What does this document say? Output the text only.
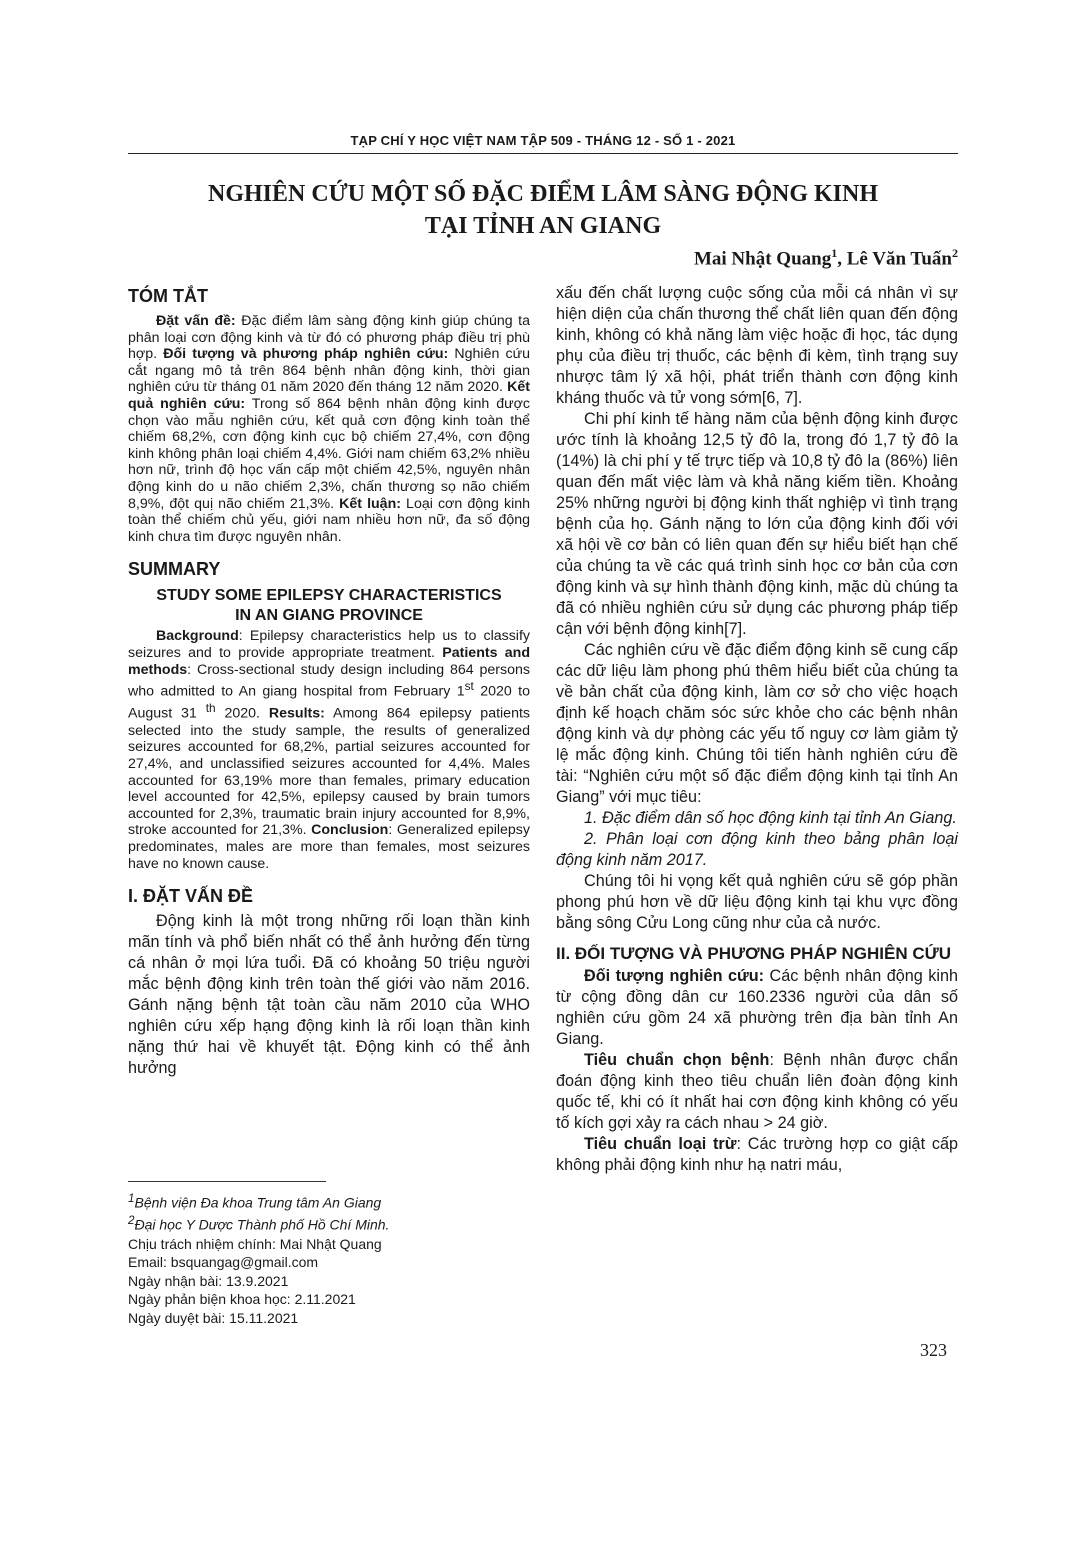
TẠP CHÍ Y HỌC VIỆT NAM TẬP 509 - THÁNG 12 - SỐ 1 - 2021
NGHIÊN CỨU MỘT SỐ ĐẶC ĐIỂM LÂM SÀNG ĐỘNG KINH
TẠI TỈNH AN GIANG
Mai Nhật Quang$^1$, Lê Văn Tuấn$^2$
TÓM TẮT

Đặt vấn đề: Đặc điểm lâm sàng động kinh giúp chúng ta phân loại cơn động kinh và từ đó có phương pháp điều trị phù hợp. Đối tượng và phương pháp nghiên cứu: Nghiên cứu cắt ngang mô tả trên 864 bệnh nhân động kinh, thời gian nghiên cứu từ tháng 01 năm 2020 đến tháng 12 năm 2020. Kết quả nghiên cứu: Trong số 864 bệnh nhân động kinh được chọn vào mẫu nghiên cứu, kết quả cơn động kinh toàn thể chiếm 68,2%, cơn động kinh cục bộ chiếm 27,4%, cơn động kinh không phân loại chiếm 4,4%. Giới nam chiếm 63,2% nhiều hơn nữ, trình độ học vấn cấp một chiếm 42,5%, nguyên nhân động kinh do u não chiếm 2,3%, chấn thương sọ não chiếm 8,9%, đột quị não chiếm 21,3%. Kết luận: Loại cơn động kinh toàn thể chiếm chủ yếu, giới nam nhiều hơn nữ, đa số động kinh chưa tìm được nguyên nhân.

SUMMARY
STUDY SOME EPILEPSY CHARACTERISTICS
IN AN GIANG PROVINCE

Background: Epilepsy characteristics help us to classify seizures and to provide appropriate treatment. Patients and methods: Cross-sectional study design including 864 persons who admitted to An giang hospital from February 1st 2020 to August 31 $^{th}$ 2020. Results: Among 864 epilepsy patients selected into the study sample, the results of generalized seizures accounted for 68,2%, partial seizures accounted for 27,4%, and unclassified seizures accounted for 4,4%. Males accounted for 63,19% more than females, primary education level accounted for 42,5%, epilepsy caused by brain tumors accounted for 2,3%, traumatic brain injury accounted for 8,9%, stroke accounted for 21,3%. Conclusion: Generalized epilepsy predominates, males are more than females, most seizures have no known cause.

I. ĐẶT VẤN ĐỀ

Động kinh là một trong những rối loạn thần kinh mãn tính và phổ biến nhất có thể ảnh hưởng đến từng cá nhân ở mọi lứa tuổi. Đã có khoảng 50 triệu người mắc bệnh động kinh trên toàn thế giới vào năm 2016. Gánh nặng bệnh tật toàn cầu năm 2010 của WHO nghiên cứu xếp hạng động kinh là rối loạn thần kinh nặng thứ hai về khuyết tật. Động kinh có thể ảnh hưởng

$^1$Bệnh viện Đa khoa Trung tâm An Giang
$^2$Đại học Y Dược Thành phố Hồ Chí Minh.
Chịu trách nhiệm chính: Mai Nhật Quang
Email: bsquangag@gmail.com
Ngày nhận bài: 13.9.2021
Ngày phản biện khoa học: 2.11.2021
Ngày duyệt bài: 15.11.2021

xấu đến chất lượng cuộc sống của mỗi cá nhân vì sự hiện diện của chấn thương thể chất liên quan đến động kinh, không có khả năng làm việc hoặc đi học, tác dụng phụ của điều trị thuốc, các bệnh đi kèm, tình trạng suy nhược tâm lý xã hội, phát triển thành cơn động kinh kháng thuốc và tử vong sớm[6, 7].

Chi phí kinh tế hàng năm của bệnh động kinh được ước tính là khoảng 12,5 tỷ đô la, trong đó 1,7 tỷ đô la (14%) là chi phí y tế trực tiếp và 10,8 tỷ đô la (86%) liên quan đến mất việc làm và khả năng kiếm tiền. Khoảng 25% những người bị động kinh thất nghiệp vì tình trạng bệnh của họ. Gánh nặng to lớn của động kinh đối với xã hội về cơ bản có liên quan đến sự hiểu biết hạn chế của chúng ta về các quá trình sinh học cơ bản của cơn động kinh và sự hình thành động kinh, mặc dù chúng ta đã có nhiều nghiên cứu sử dụng các phương pháp tiếp cận với bệnh động kinh[7].

Các nghiên cứu về đặc điểm động kinh sẽ cung cấp các dữ liệu làm phong phú thêm hiểu biết của chúng ta về bản chất của động kinh, làm cơ sở cho việc hoạch định kế hoạch chăm sóc sức khỏe cho các bệnh nhân động kinh và dự phòng các yếu tố nguy cơ làm giảm tỷ lệ mắc động kinh. Chúng tôi tiến hành nghiên cứu đề tài: “Nghiên cứu một số đặc điểm động kinh tại tỉnh An Giang” với mục tiêu:

1. Đặc điểm dân số học động kinh tại tỉnh An Giang.

2. Phân loại cơn động kinh theo bảng phân loại động kinh năm 2017.

Chúng tôi hi vọng kết quả nghiên cứu sẽ góp phần phong phú hơn về dữ liệu động kinh tại khu vực đồng bằng sông Cửu Long cũng như của cả nước.

II. ĐỐI TƯỢNG VÀ PHƯƠNG PHÁP NGHIÊN CỨU

Đối tượng nghiên cứu: Các bệnh nhân động kinh từ cộng đồng dân cư 160.2336 người của dân số nghiên cứu gồm 24 xã phường trên địa bàn tỉnh An Giang.

Tiêu chuẩn chọn bệnh: Bệnh nhân được chẩn đoán động kinh theo tiêu chuẩn liên đoàn động kinh quốc tế, khi có ít nhất hai cơn động kinh không có yếu tố kích gợi xảy ra cách nhau > 24 giờ.

Tiêu chuẩn loại trừ: Các trường hợp co giật cấp không phải động kinh như hạ natri máu,

323
